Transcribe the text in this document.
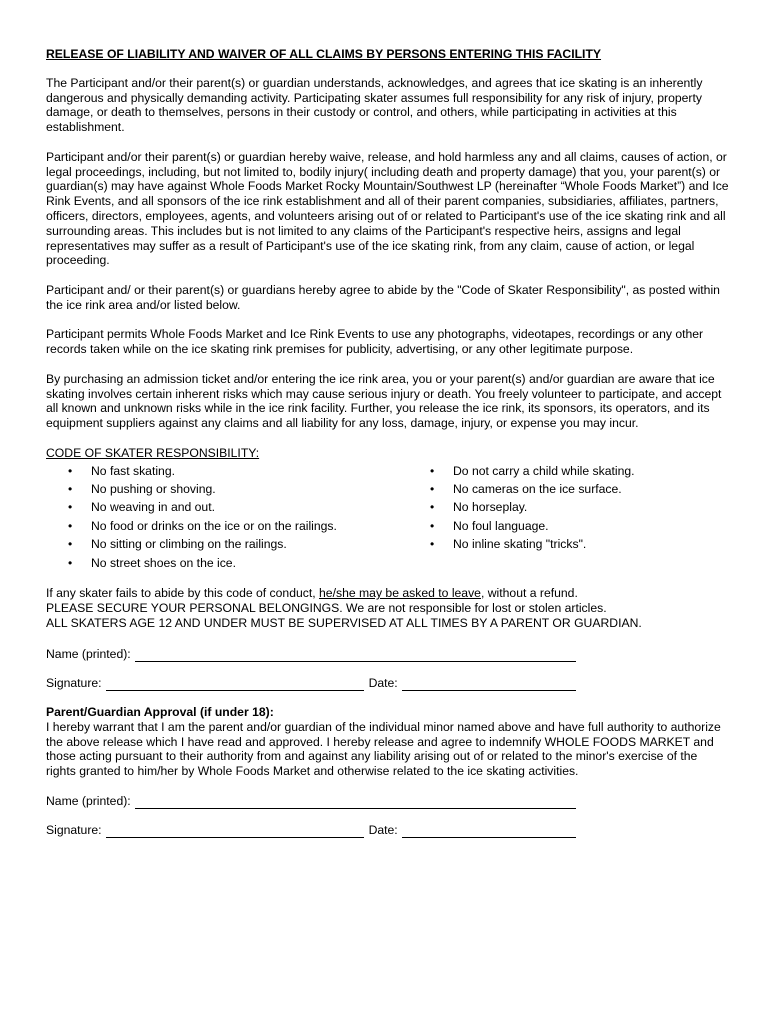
RELEASE OF LIABILITY AND WAIVER OF ALL CLAIMS BY PERSONS ENTERING THIS FACILITY

The Participant and/or their parent(s) or guardian understands, acknowledges, and agrees that ice skating is an inherently dangerous and physically demanding activity. Participating skater assumes full responsibility for any risk of injury, property damage, or death to themselves, persons in their custody or control, and others, while participating in activities at this establishment.

Participant and/or their parent(s) or guardian hereby waive, release, and hold harmless any and all claims, causes of action, or legal proceedings, including, but not limited to, bodily injury( including death and property damage) that you, your parent(s) or guardian(s) may have against Whole Foods Market Rocky Mountain/Southwest LP (hereinafter “Whole Foods Market”) and Ice Rink Events, and all sponsors of the ice rink establishment and all of their parent companies, subsidiaries, affiliates, partners, officers, directors, employees, agents, and volunteers arising out of or related to Participant's use of the ice skating rink and all surrounding areas. This includes but is not limited to any claims of the Participant's respective heirs, assigns and legal representatives may suffer as a result of Participant's use of the ice skating rink, from any claim, cause of action, or legal proceeding.

Participant and/ or their parent(s) or guardians hereby agree to abide by the "Code of Skater Responsibility", as posted within the ice rink area and/or listed below.

Participant permits Whole Foods Market and Ice Rink Events to use any photographs, videotapes, recordings or any other records taken while on the ice skating rink premises for publicity, advertising, or any other legitimate purpose.

By purchasing an admission ticket and/or entering the ice rink area, you or your parent(s) and/or guardian are aware that ice skating involves certain inherent risks which may cause serious injury or death. You freely volunteer to participate, and accept all known and unknown risks while in the ice rink facility. Further, you release the ice rink, its sponsors, its operators, and its equipment suppliers against any claims and all liability for any loss, damage, injury, or expense you may incur.

CODE OF SKATER RESPONSIBILITY:
• No fast skating.
• No pushing or shoving.
• No weaving in and out.
• No food or drinks on the ice or on the railings.
• No sitting or climbing on the railings.
• No street shoes on the ice.
• Do not carry a child while skating.
• No cameras on the ice surface.
• No horseplay.
• No foul language.
• No inline skating "tricks".
If any skater fails to abide by this code of conduct, he/she may be asked to leave, without a refund.
PLEASE SECURE YOUR PERSONAL BELONGINGS. We are not responsible for lost or stolen articles.
ALL SKATERS AGE 12 AND UNDER MUST BE SUPERVISED AT ALL TIMES BY A PARENT OR GUARDIAN.
Name (printed):
Signature:	Date:
Parent/Guardian Approval (if under 18):
I hereby warrant that I am the parent and/or guardian of the individual minor named above and have full authority to authorize the above release which I have read and approved. I hereby release and agree to indemnify WHOLE FOODS MARKET and those acting pursuant to their authority from and against any liability arising out of or related to the minor's exercise of the rights granted to him/her by Whole Foods Market and otherwise related to the ice skating activities.
Name (printed):
Signature:	Date:
